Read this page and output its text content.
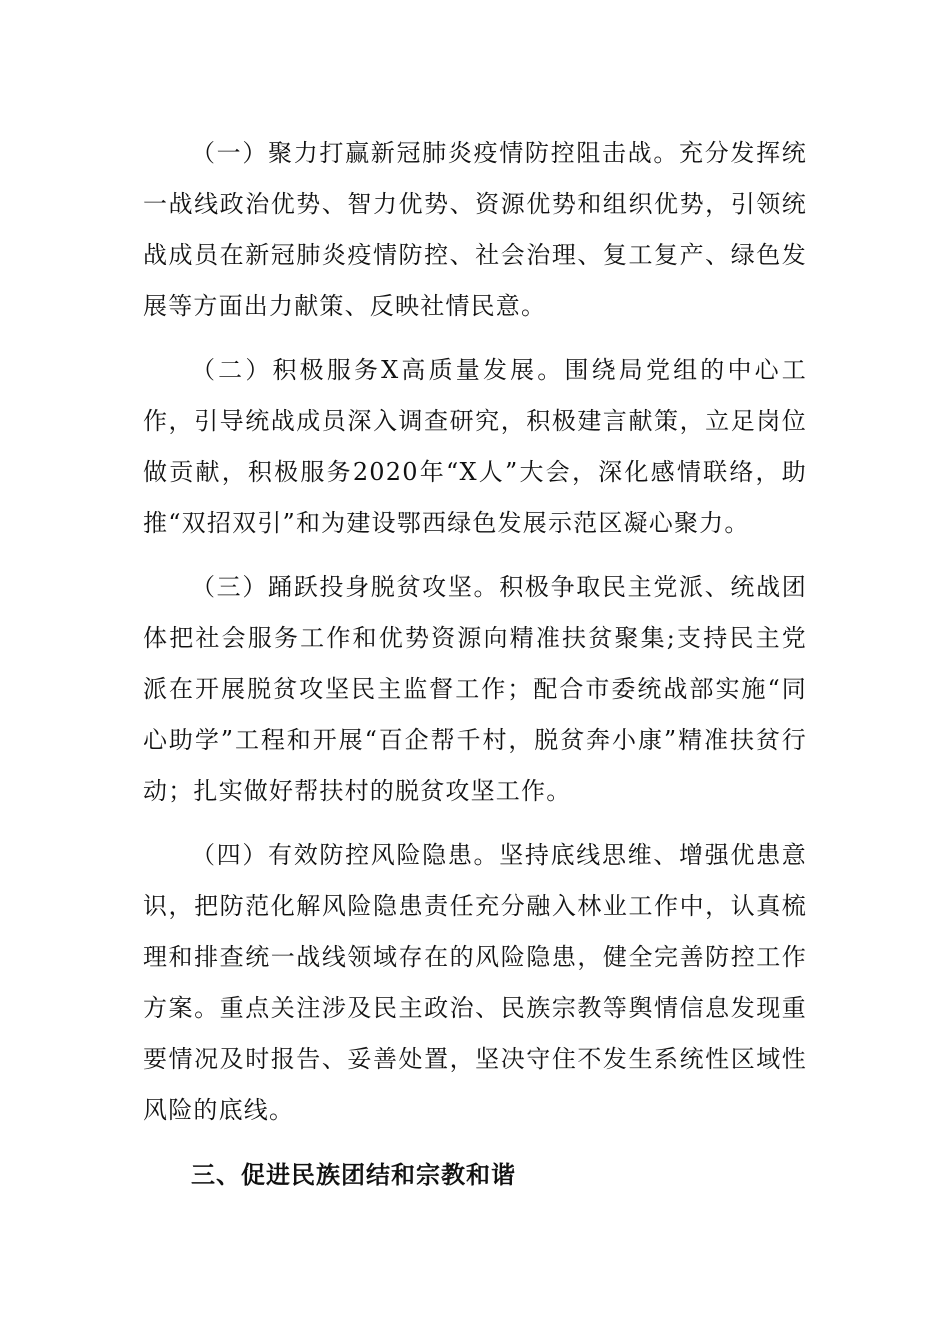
（一）聚力打赢新冠肺炎疫情防控阻击战。充分发挥统一战线政治优势、智力优势、资源优势和组织优势，引领统战成员在新冠肺炎疫情防控、社会治理、复工复产、绿色发展等方面出力献策、反映社情民意。

（二）积极服务X高质量发展。围绕局党组的中心工作，引导统战成员深入调查研究，积极建言献策，立足岗位做贡献，积极服务2020年“X人”大会，深化感情联络，助推“双招双引”和为建设鄂西绿色发展示范区凝心聚力。

（三）踊跃投身脱贫攻坚。积极争取民主党派、统战团体把社会服务工作和优势资源向精准扶贫聚集;支持民主党派在开展脱贫攻坚民主监督工作；配合市委统战部实施“同心助学”工程和开展“百企帮千村，脱贫奔小康”精准扶贫行动；扎实做好帮扶村的脱贫攻坚工作。

（四）有效防控风险隐患。坚持底线思维、增强优患意识，把防范化解风险隐患责任充分融入林业工作中，认真梳理和排查统一战线领域存在的风险隐患，健全完善防控工作方案。重点关注涉及民主政治、民族宗教等舆情信息发现重要情况及时报告、妥善处置，坚决守住不发生系统性区域性风险的底线。

三、促进民族团结和宗教和谐
